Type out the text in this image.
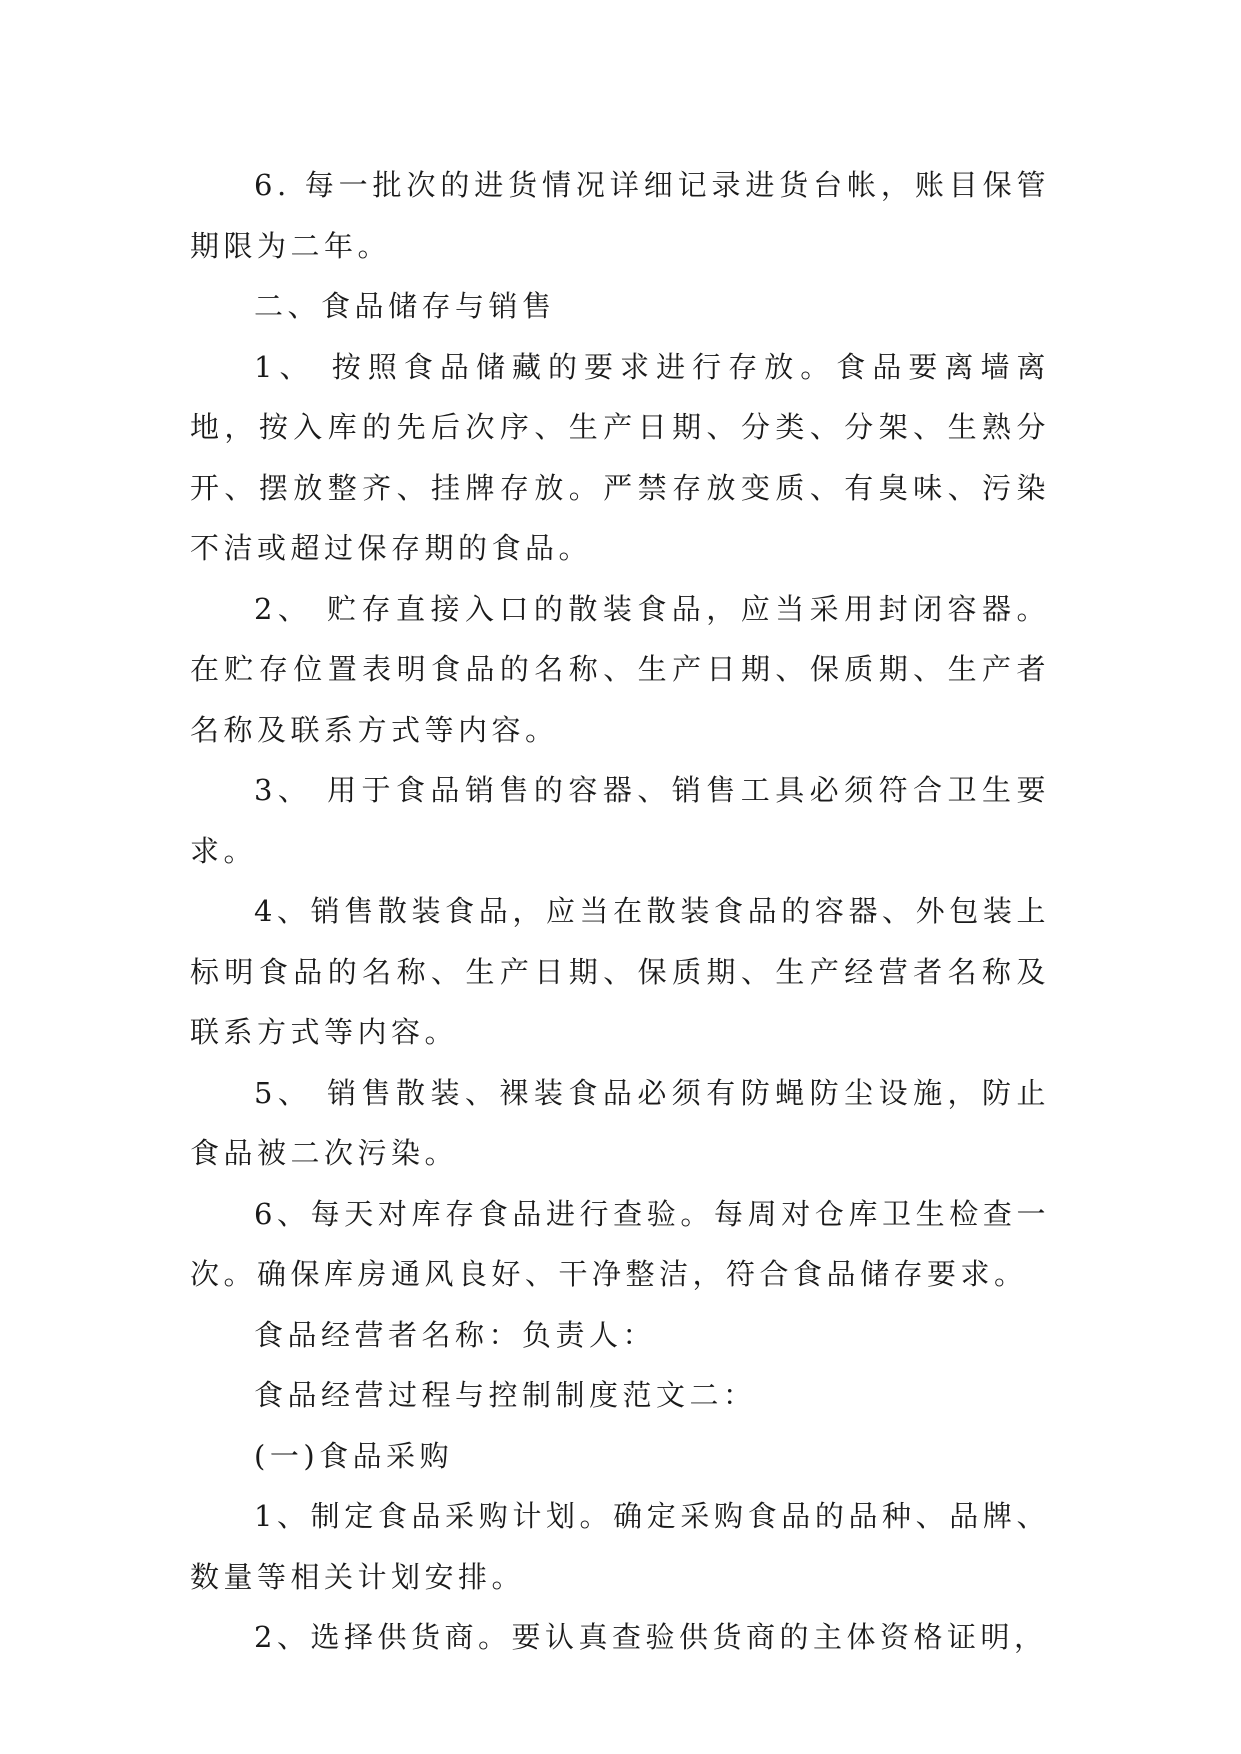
6. 每一批次的进货情况详细记录进货台帐，账目保管期限为二年。

二、食品储存与销售

1、 按照食品储藏的要求进行存放。食品要离墙离地，按入库的先后次序、生产日期、分类、分架、生熟分开、摆放整齐、挂牌存放。严禁存放变质、有臭味、污染不洁或超过保存期的食品。

2、 贮存直接入口的散装食品，应当采用封闭容器。在贮存位置表明食品的名称、生产日期、保质期、生产者名称及联系方式等内容。

3、 用于食品销售的容器、销售工具必须符合卫生要求。

4、销售散装食品，应当在散装食品的容器、外包装上标明食品的名称、生产日期、保质期、生产经营者名称及联系方式等内容。

5、 销售散装、裸装食品必须有防蝇防尘设施，防止食品被二次污染。

6、每天对库存食品进行查验。每周对仓库卫生检查一次。确保库房通风良好、干净整洁，符合食品储存要求。

食品经营者名称：负责人：

食品经营过程与控制制度范文二：

(一)食品采购

1、制定食品采购计划。确定采购食品的品种、品牌、数量等相关计划安排。

2、选择供货商。要认真查验供货商的主体资格证明，
